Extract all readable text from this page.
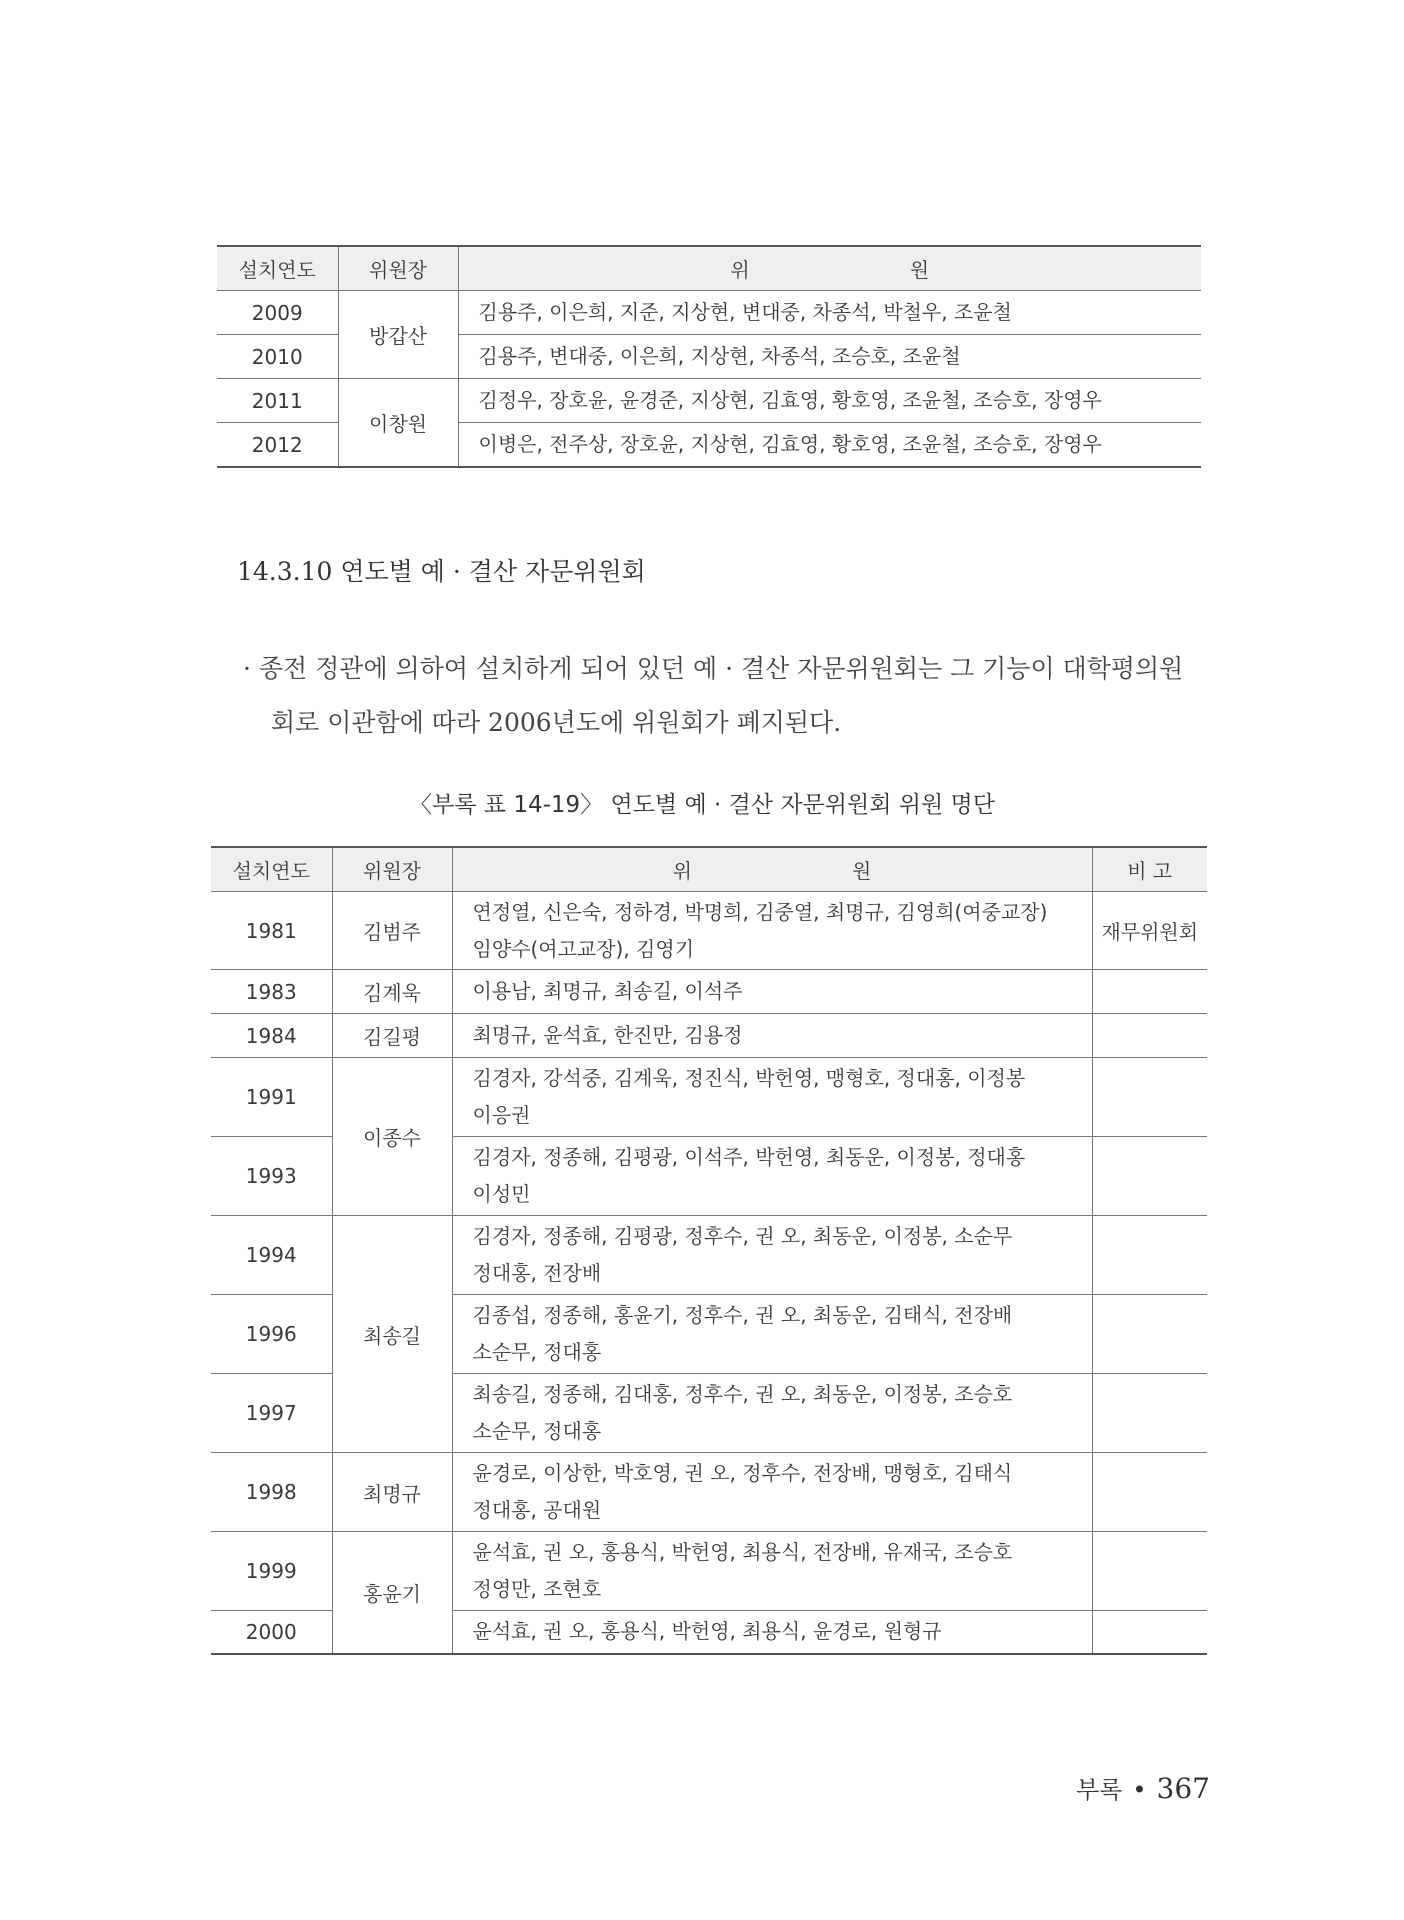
설치연도	위원장	위 원
2009	방갑산	김용주, 이은희, 지준, 지상현, 변대중, 차종석, 박철우, 조윤철
2010		김용주, 변대중, 이은희, 지상현, 차종석, 조승호, 조윤철
2011	이창원	김정우, 장호윤, 윤경준, 지상현, 김효영, 황호영, 조윤철, 조승호, 장영우
2012		이병은, 전주상, 장호윤, 지상현, 김효영, 황호영, 조윤철, 조승호, 장영우
14.3.10 연도별 예 · 결산 자문위원회
· 종전 정관에 의하여 설치하게 되어 있던 예 · 결산 자문위원회는 그 기능이 대학평의원
회로 이관함에 따라 2006년도에 위원회가 폐지된다.
〈부록 표 14-19〉 연도별 예 · 결산 자문위원회 위원 명단
설치연도	위원장	위 원	비 고
1981	김범주	연정열, 신은숙, 정하경, 박명희, 김중열, 최명규, 김영희(여중교장)
임양수(여고교장), 김영기	재무위원회
1983	김계욱	이용남, 최명규, 최송길, 이석주	
1984	김길평	최명규, 윤석효, 한진만, 김용정	
1991	이종수	김경자, 강석중, 김계욱, 정진식, 박헌영, 맹형호, 정대홍, 이정봉
이응권	

1993		김경자, 정종해, 김평광, 이석주, 박헌영, 최동운, 이정봉, 정대홍
이성민	

1994	최송길	김경자, 정종해, 김평광, 정후수, 권 오, 최동운, 이정봉, 소순무
정대홍, 전장배	

1996		김종섭, 정종해, 홍윤기, 정후수, 권 오, 최동운, 김태식, 전장배
소순무, 정대홍	

1997		최송길, 정종해, 김대홍, 정후수, 권 오, 최동운, 이정봉, 조승호
소순무, 정대홍	

1998	최명규	윤경로, 이상한, 박호영, 권 오, 정후수, 전장배, 맹형호, 김태식
정대홍, 공대원	

1999	홍윤기	윤석효, 권 오, 홍용식, 박헌영, 최용식, 전장배, 유재국, 조승호
정영만, 조현호	

2000		윤석효, 권 오, 홍용식, 박헌영, 최용식, 윤경로, 원형규	
부록 • 367
